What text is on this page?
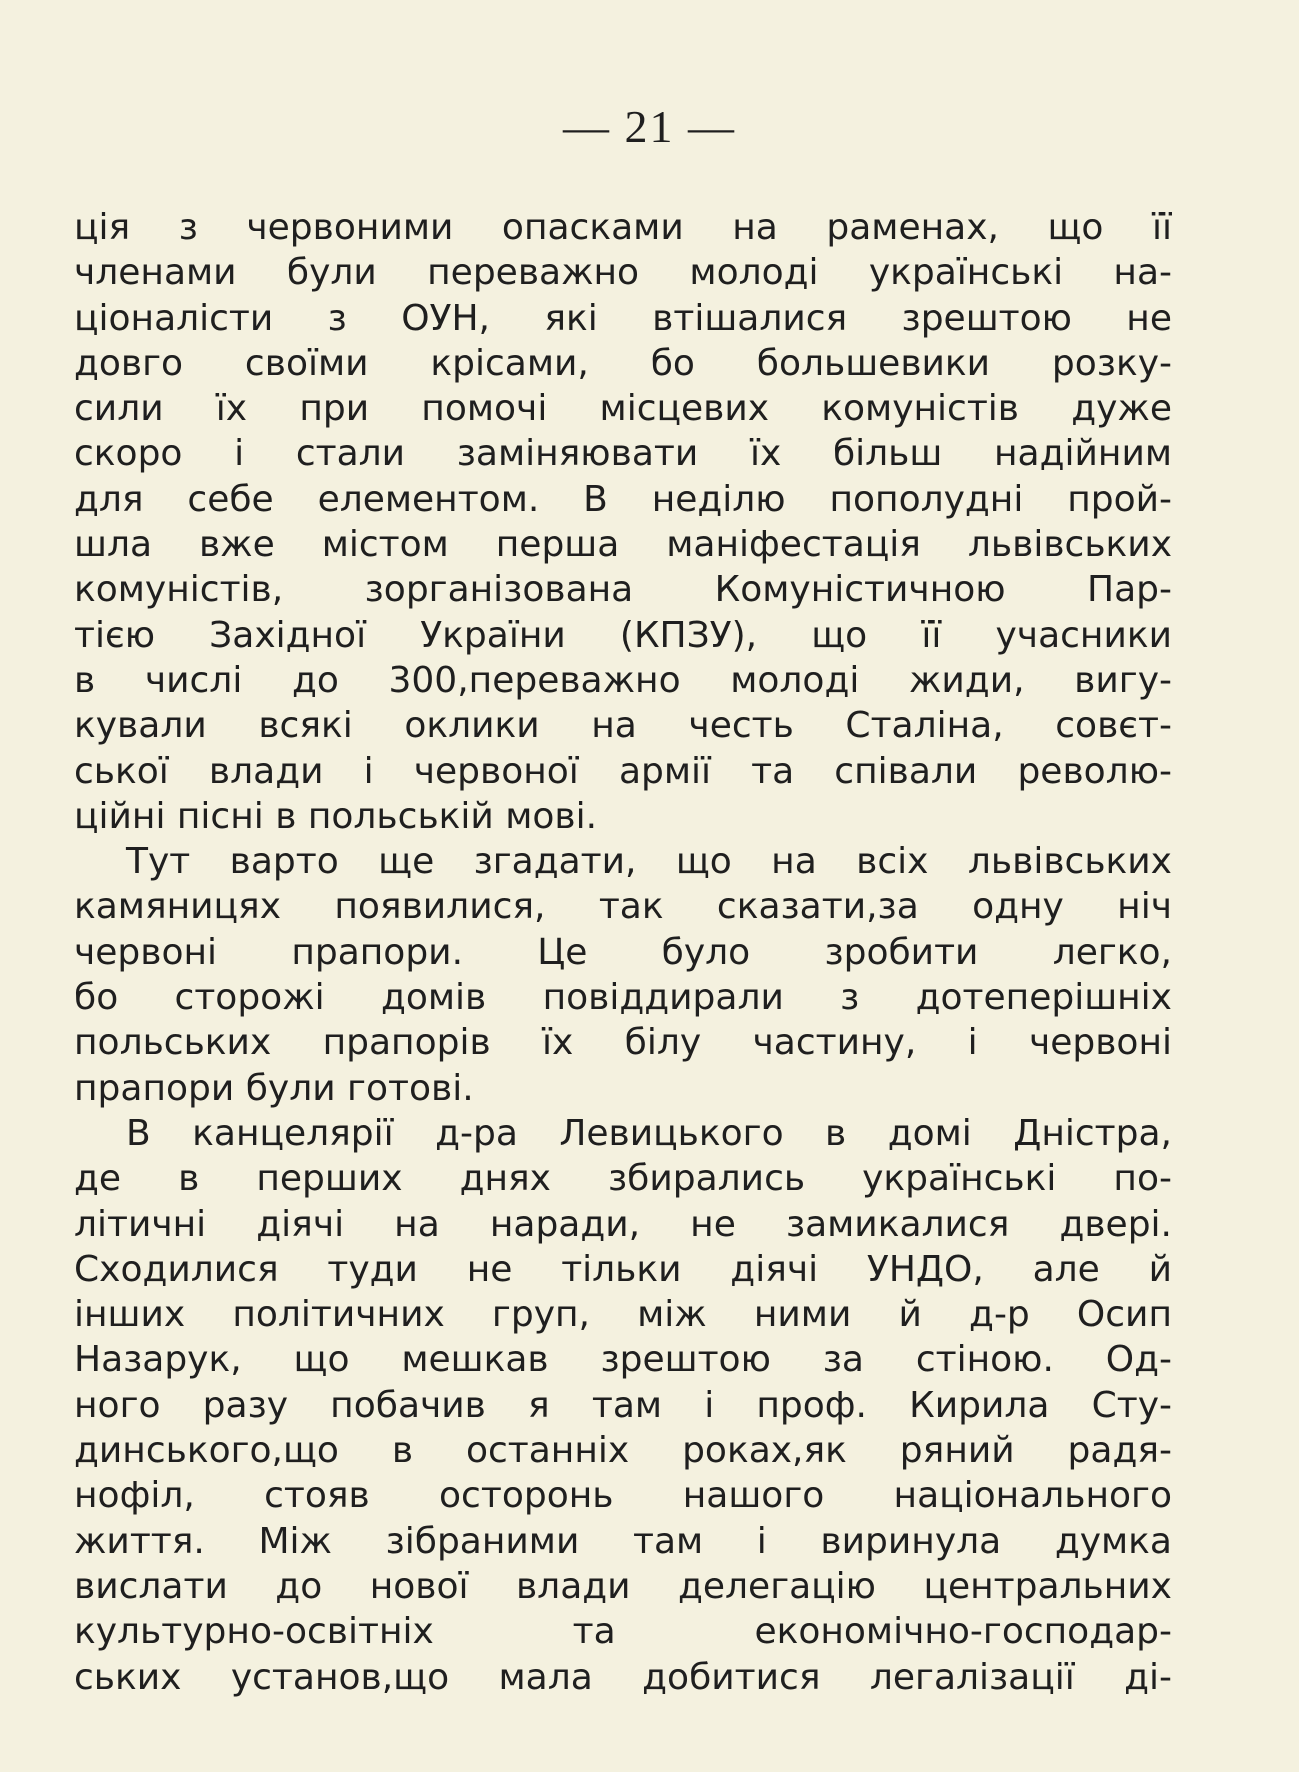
— 21 —
ція з червоними опасками на раменах, що її
членами були переважно молоді українські на-
ціоналісти з ОУН, які втішалися зрештою не
довго своїми крісами, бо большевики розку-
сили їх при помочі місцевих комуністів дуже
скоро і стали заміняювати їх більш надійним
для себе елементом. В неділю пополудні прой-
шла вже містом перша маніфестація львівських
комуністів, зорганізована Комуністичною Пар-
тією Західної України (КПЗУ), що її учасники
в числі до 300,переважно молоді жиди, вигу-
кували всякі оклики на честь Сталіна, совєт-
ської влади і червоної армії та співали револю-
ційні пісні в польській мові.
Тут варто ще згадати, що на всіх львівських
камяницях появилися, так сказати,за одну ніч
червоні прапори. Це було зробити легко,
бо сторожі домів повіддирали з дотеперішніх
польських прапорів їх білу частину, і червоні
прапори були готові.
В канцелярії д-ра Левицького в домі Дністра,
де в перших днях збирались українські по-
літичні діячі на наради, не замикалися двері.
Сходилися туди не тільки діячі УНДО, але й
інших політичних груп, між ними й д-р Осип
Назарук, що мешкав зрештою за стіною. Од-
ного разу побачив я там і проф. Кирила Сту-
динського,що в останніх роках,як ряний радя-
нофіл, стояв осторонь нашого національного
життя. Між зібраними там і виринула думка
вислати до нової влади делегацію центральних
культурно-освітніх та економічно-господар-
ських установ,що мала добитися легалізації ді-
